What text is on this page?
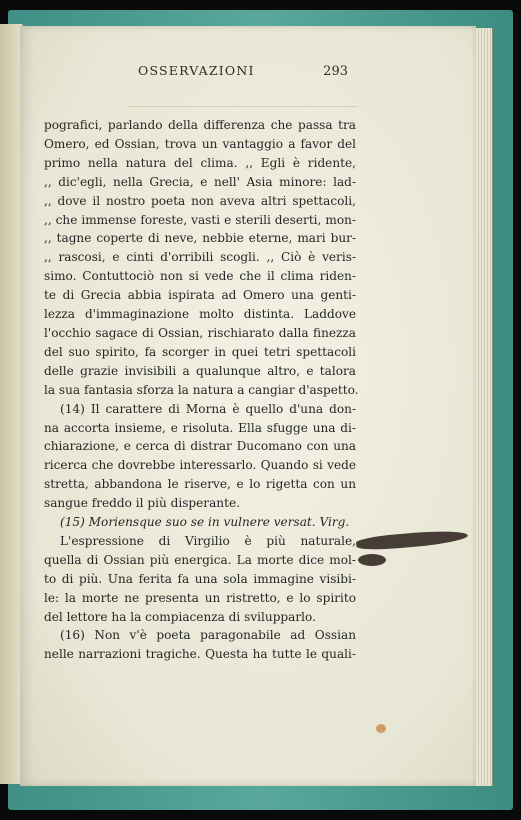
OSSERVAZIONI	293
pografici, parlando della differenza che passa tra
Omero, ed Ossian, trova un vantaggio a favor del
primo nella natura del clima. ,, Egli è ridente,
,, dic'egli, nella Grecia, e nell' Asia minore: lad-
,, dove il nostro poeta non aveva altri spettacoli,
,, che immense foreste, vasti e sterili deserti, mon-
,, tagne coperte di neve, nebbie eterne, mari bur-
,, rascosi, e cinti d'orribili scogli. ,, Ciò è veris-
simo. Contuttociò non si vede che il clima riden-
te di Grecia abbia ispirata ad Omero una genti-
lezza d'immaginazione molto distinta. Laddove
l'occhio sagace di Ossian, rischiarato dalla finezza
del suo spirito, fa scorger in quei tetri spettacoli
delle grazie invisibili a qualunque altro, e talora
la sua fantasia sforza la natura a cangiar d'aspetto.
(14) Il carattere di Morna è quello d'una don-
na accorta insieme, e risoluta. Ella sfugge una di-
chiarazione, e cerca di distrar Ducomano con una
ricerca che dovrebbe interessarlo. Quando si vede
stretta, abbandona le riserve, e lo rigetta con un
sangue freddo il più disperante.
(15) Moriensque suo se in vulnere versat. Virg.
L'espressione di Virgilio è più naturale,
quella di Ossian più energica. La morte dice mol-
to di più. Una ferita fa una sola immagine visibi-
le: la morte ne presenta un ristretto, e lo spirito
del lettore ha la compiacenza di svilupparlo.
(16) Non v'è poeta paragonabile ad Ossian
nelle narrazioni tragiche. Questa ha tutte le quali-
